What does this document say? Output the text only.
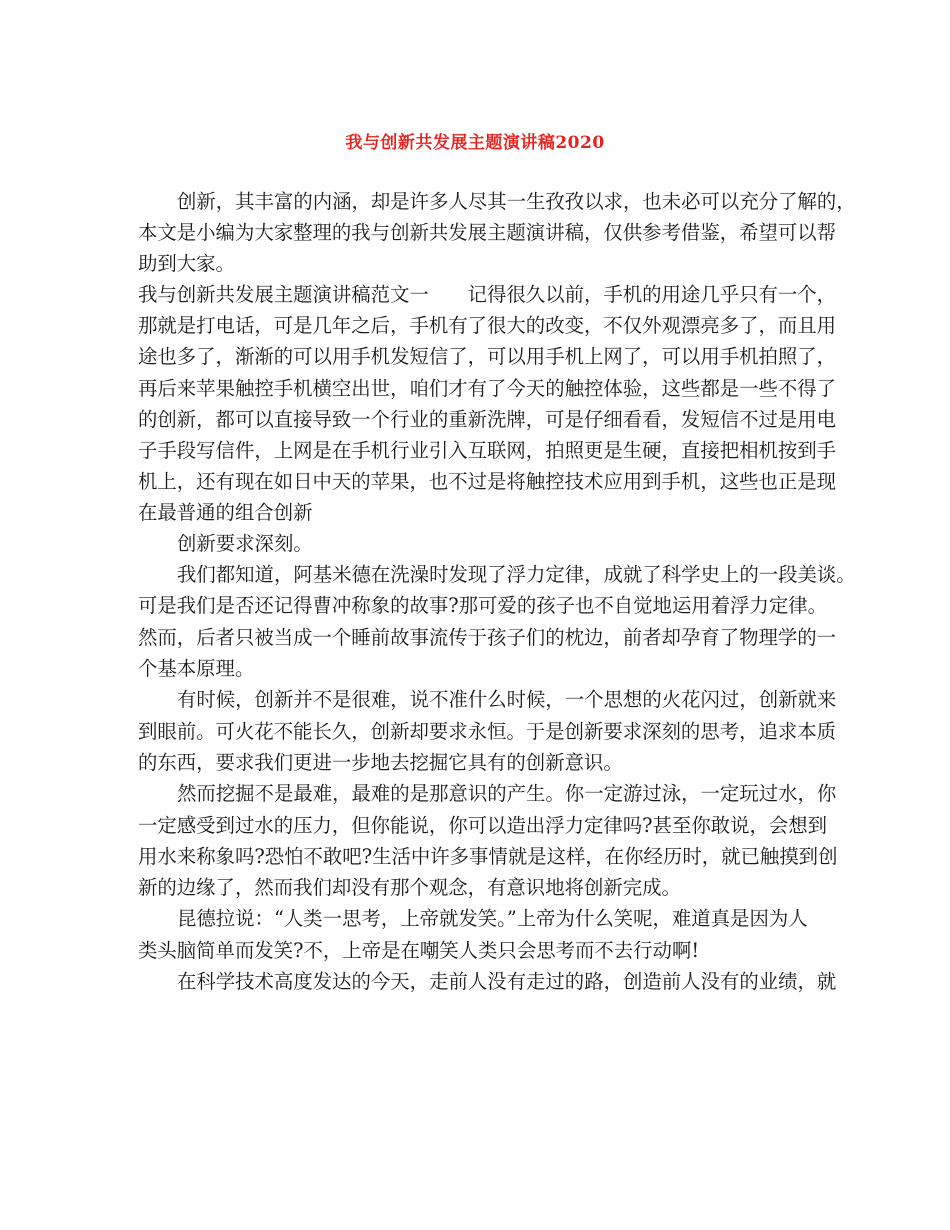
我与创新共发展主题演讲稿2020

创新，其丰富的内涵，却是许多人尽其一生孜孜以求，也未必可以充分了解的，
本文是小编为大家整理的我与创新共发展主题演讲稿，仅供参考借鉴，希望可以帮
助到大家。

我与创新共发展主题演讲稿范文一　　记得很久以前，手机的用途几乎只有一个，
那就是打电话，可是几年之后，手机有了很大的改变，不仅外观漂亮多了，而且用
途也多了，渐渐的可以用手机发短信了，可以用手机上网了，可以用手机拍照了，
再后来苹果触控手机横空出世，咱们才有了今天的触控体验，这些都是一些不得了
的创新，都可以直接导致一个行业的重新洗牌，可是仔细看看，发短信不过是用电
子手段写信件，上网是在手机行业引入互联网，拍照更是生硬，直接把相机按到手
机上，还有现在如日中天的苹果，也不过是将触控技术应用到手机，这些也正是现
在最普通的组合创新

创新要求深刻。

我们都知道，阿基米德在洗澡时发现了浮力定律，成就了科学史上的一段美谈。
可是我们是否还记得曹冲称象的故事?那可爱的孩子也不自觉地运用着浮力定律。
然而，后者只被当成一个睡前故事流传于孩子们的枕边，前者却孕育了物理学的一
个基本原理。

有时候，创新并不是很难，说不准什么时候，一个思想的火花闪过，创新就来
到眼前。可火花不能长久，创新却要求永恒。于是创新要求深刻的思考，追求本质
的东西，要求我们更进一步地去挖掘它具有的创新意识。

然而挖掘不是最难，最难的是那意识的产生。你一定游过泳，一定玩过水，你
一定感受到过水的压力，但你能说，你可以造出浮力定律吗?甚至你敢说，会想到
用水来称象吗?恐怕不敢吧?生活中许多事情就是这样，在你经历时，就已触摸到创
新的边缘了，然而我们却没有那个观念，有意识地将创新完成。

昆德拉说：“人类一思考，上帝就发笑。”上帝为什么笑呢，难道真是因为人
类头脑简单而发笑?不，上帝是在嘲笑人类只会思考而不去行动啊!

在科学技术高度发达的今天，走前人没有走过的路，创造前人没有的业绩，就
